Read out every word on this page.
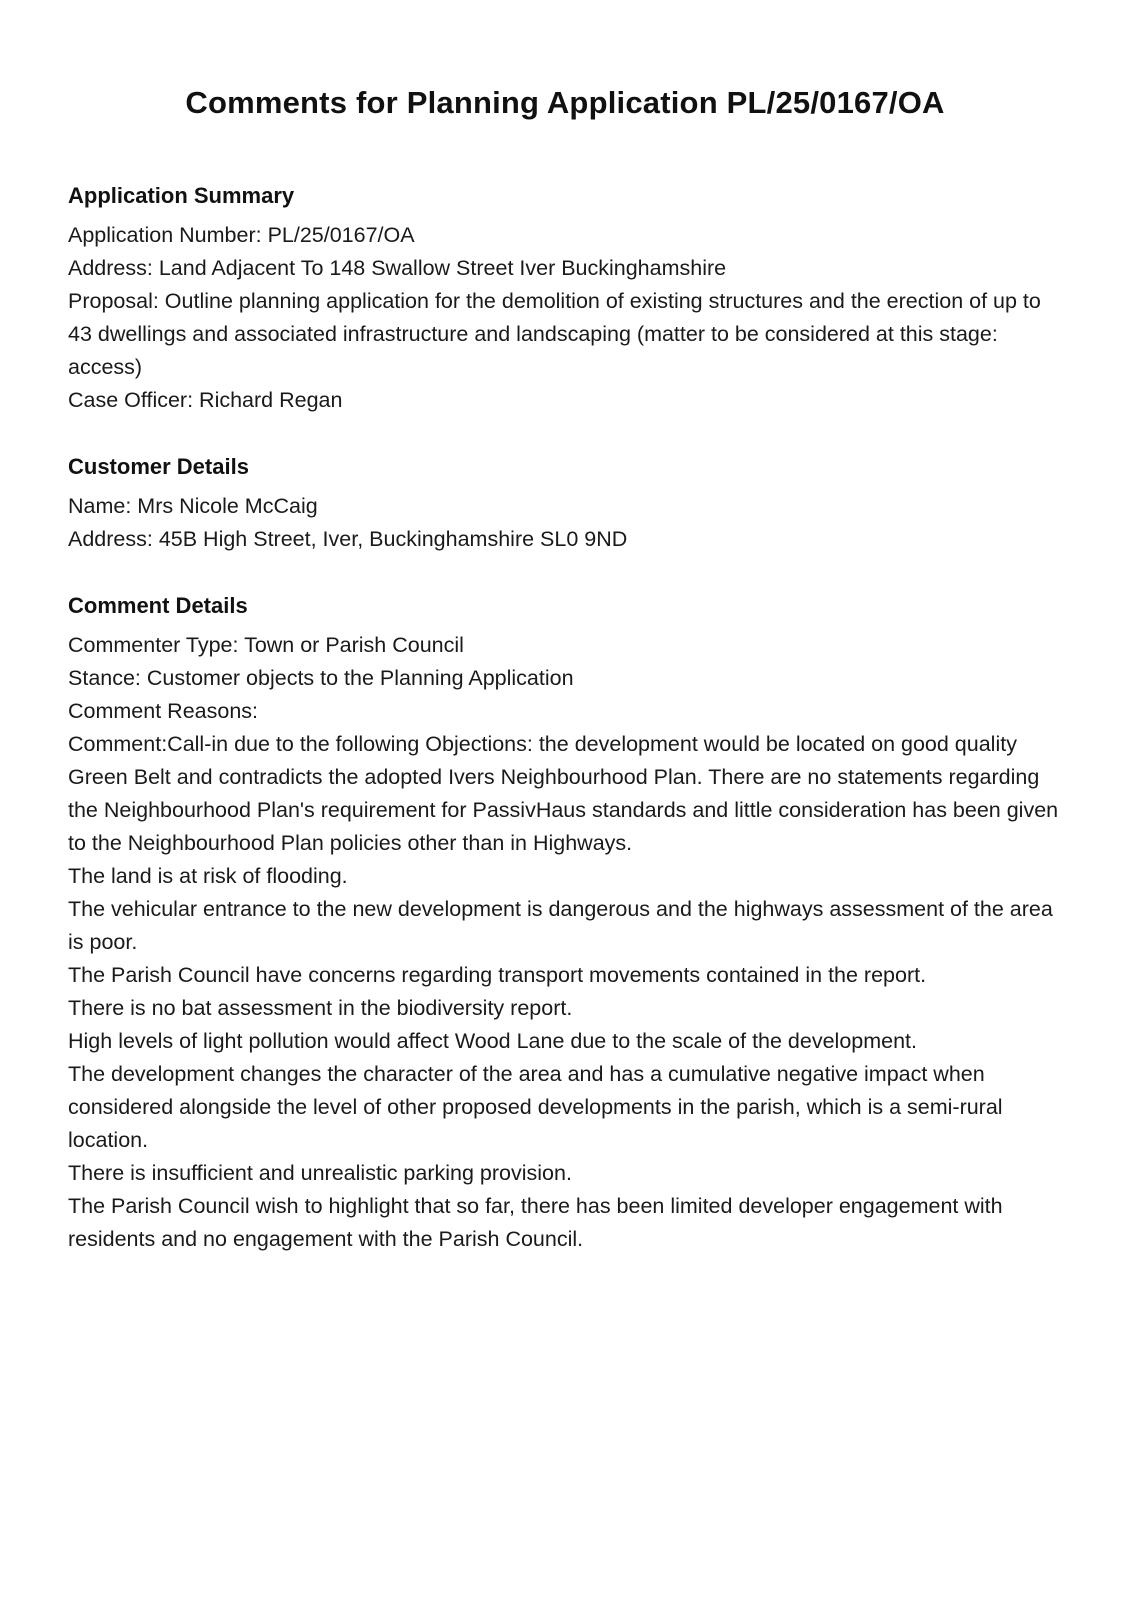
Comments for Planning Application PL/25/0167/OA
Application Summary

Application Number: PL/25/0167/OA

Address: Land Adjacent To 148 Swallow Street Iver Buckinghamshire

Proposal: Outline planning application for the demolition of existing structures and the erection of up to 43 dwellings and associated infrastructure and landscaping (matter to be considered at this stage: access)

Case Officer: Richard Regan

Customer Details

Name: Mrs Nicole McCaig

Address: 45B High Street, Iver, Buckinghamshire SL0 9ND

Comment Details

Commenter Type: Town or Parish Council

Stance: Customer objects to the Planning Application

Comment Reasons:

Comment:Call-in due to the following Objections: the development would be located on good quality Green Belt and contradicts the adopted Ivers Neighbourhood Plan. There are no statements regarding the Neighbourhood Plan's requirement for PassivHaus standards and little consideration has been given to the Neighbourhood Plan policies other than in Highways.

The land is at risk of flooding.

The vehicular entrance to the new development is dangerous and the highways assessment of the area is poor.

The Parish Council have concerns regarding transport movements contained in the report.

There is no bat assessment in the biodiversity report.

High levels of light pollution would affect Wood Lane due to the scale of the development.

The development changes the character of the area and has a cumulative negative impact when considered alongside the level of other proposed developments in the parish, which is a semi-rural location.

There is insufficient and unrealistic parking provision.

The Parish Council wish to highlight that so far, there has been limited developer engagement with residents and no engagement with the Parish Council.
